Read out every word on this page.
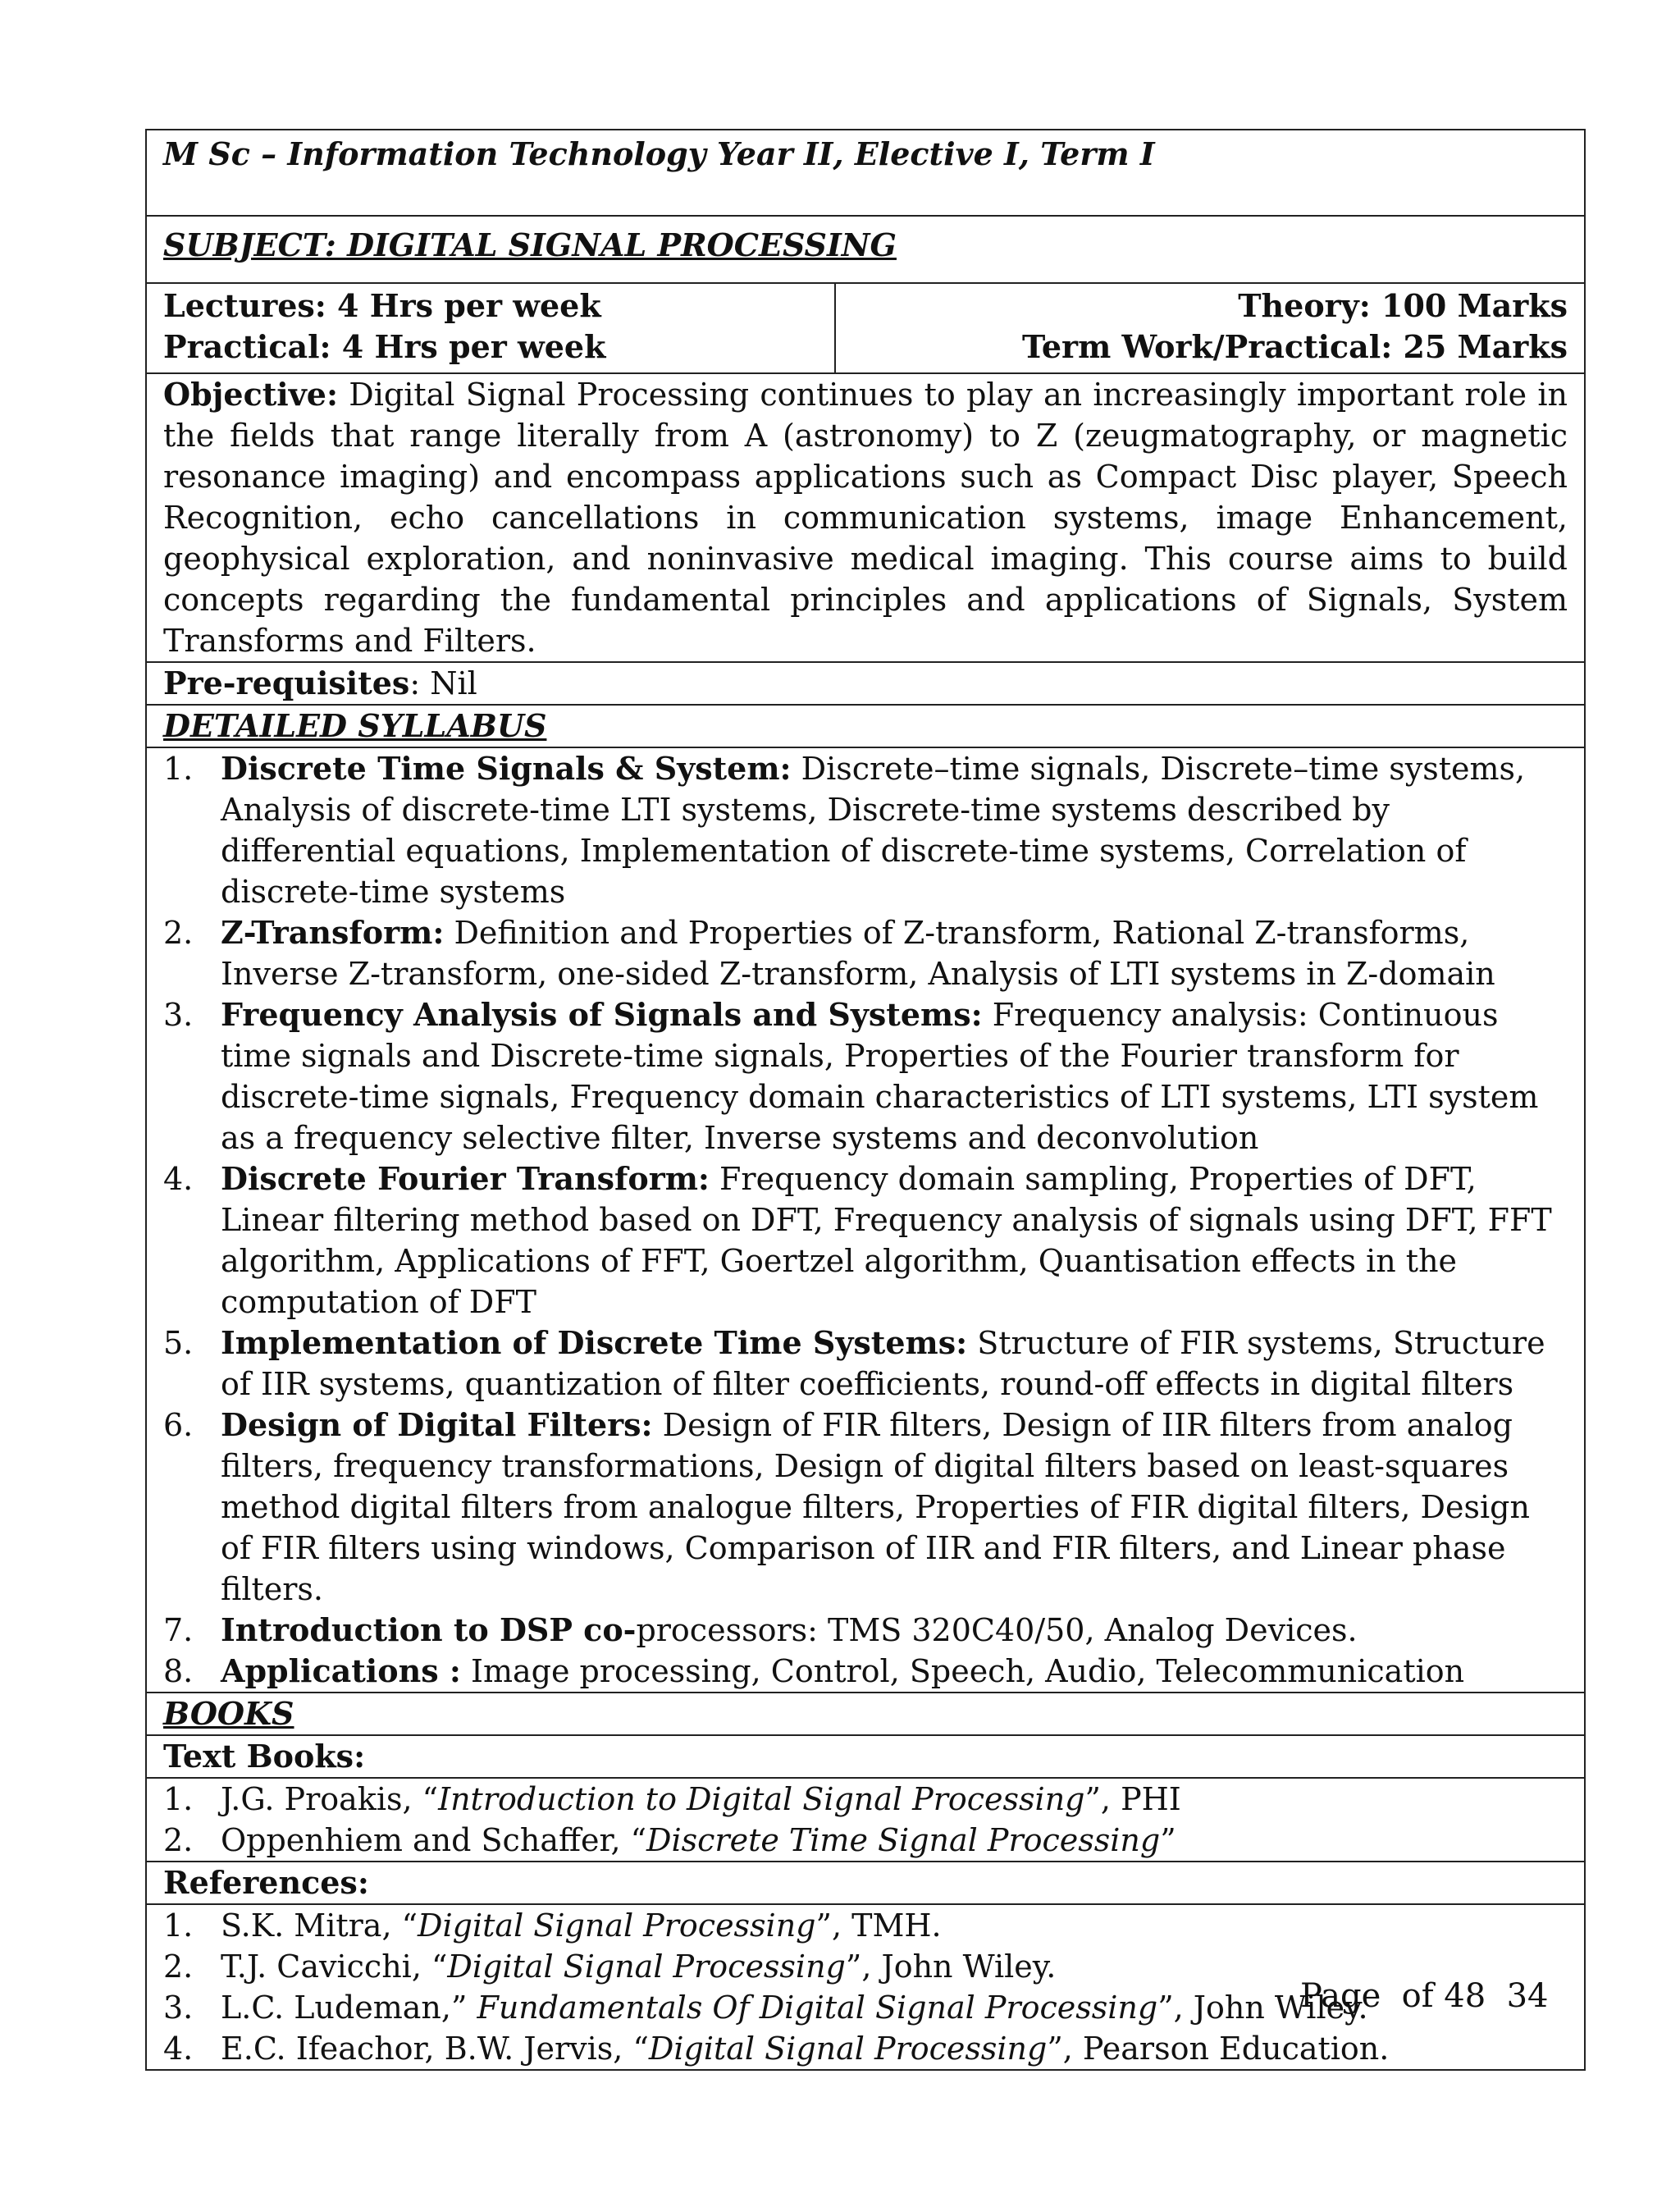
M Sc – Information Technology Year II, Elective I, Term I
SUBJECT: DIGITAL SIGNAL PROCESSING
Lectures: 4 Hrs per week
Practical: 4 Hrs per week
Theory: 100 Marks
Term Work/Practical: 25 Marks
Objective: Digital Signal Processing continues to play an increasingly important role in the fields that range literally from A (astronomy) to Z (zeugmatography, or magnetic resonance imaging) and encompass applications such as Compact Disc player, Speech Recognition, echo cancellations in communication systems, image Enhancement, geophysical exploration, and noninvasive medical imaging. This course aims to build concepts regarding the fundamental principles and applications of Signals, System Transforms and Filters.
Pre-requisites: Nil
DETAILED SYLLABUS
1. Discrete Time Signals & System: Discrete–time signals, Discrete–time systems, Analysis of discrete-time LTI systems, Discrete-time systems described by differential equations, Implementation of discrete-time systems, Correlation of discrete-time systems
2. Z-Transform: Definition and Properties of Z-transform, Rational Z-transforms, Inverse Z-transform, one-sided Z-transform, Analysis of LTI systems in Z-domain
3. Frequency Analysis of Signals and Systems: Frequency analysis: Continuous time signals and Discrete-time signals, Properties of the Fourier transform for discrete-time signals, Frequency domain characteristics of LTI systems, LTI system as a frequency selective filter, Inverse systems and deconvolution
4. Discrete Fourier Transform: Frequency domain sampling, Properties of DFT, Linear filtering method based on DFT, Frequency analysis of signals using DFT, FFT algorithm, Applications of FFT, Goertzel algorithm, Quantisation effects in the computation of DFT
5. Implementation of Discrete Time Systems: Structure of FIR systems, Structure of IIR systems, quantization of filter coefficients, round-off effects in digital filters
6. Design of Digital Filters: Design of FIR filters, Design of IIR filters from analog filters, frequency transformations, Design of digital filters based on least-squares method digital filters from analogue filters, Properties of FIR digital filters, Design of FIR filters using windows, Comparison of IIR and FIR filters, and Linear phase filters.
7. Introduction to DSP co-processors: TMS 320C40/50, Analog Devices.
8. Applications : Image processing, Control, Speech, Audio, Telecommunication
BOOKS
Text Books:
1. J.G. Proakis, “Introduction to Digital Signal Processing”, PHI
2. Oppenhiem and Schaffer, “Discrete Time Signal Processing”
References:
1. S.K. Mitra, “Digital Signal Processing”, TMH.
2. T.J. Cavicchi, “Digital Signal Processing”, John Wiley.
3. L.C. Ludeman,” Fundamentals Of Digital Signal Processing”, John Wiley.
4. E.C. Ifeachor, B.W. Jervis, “Digital Signal Processing”, Pearson Education.
Page  of 48  34
